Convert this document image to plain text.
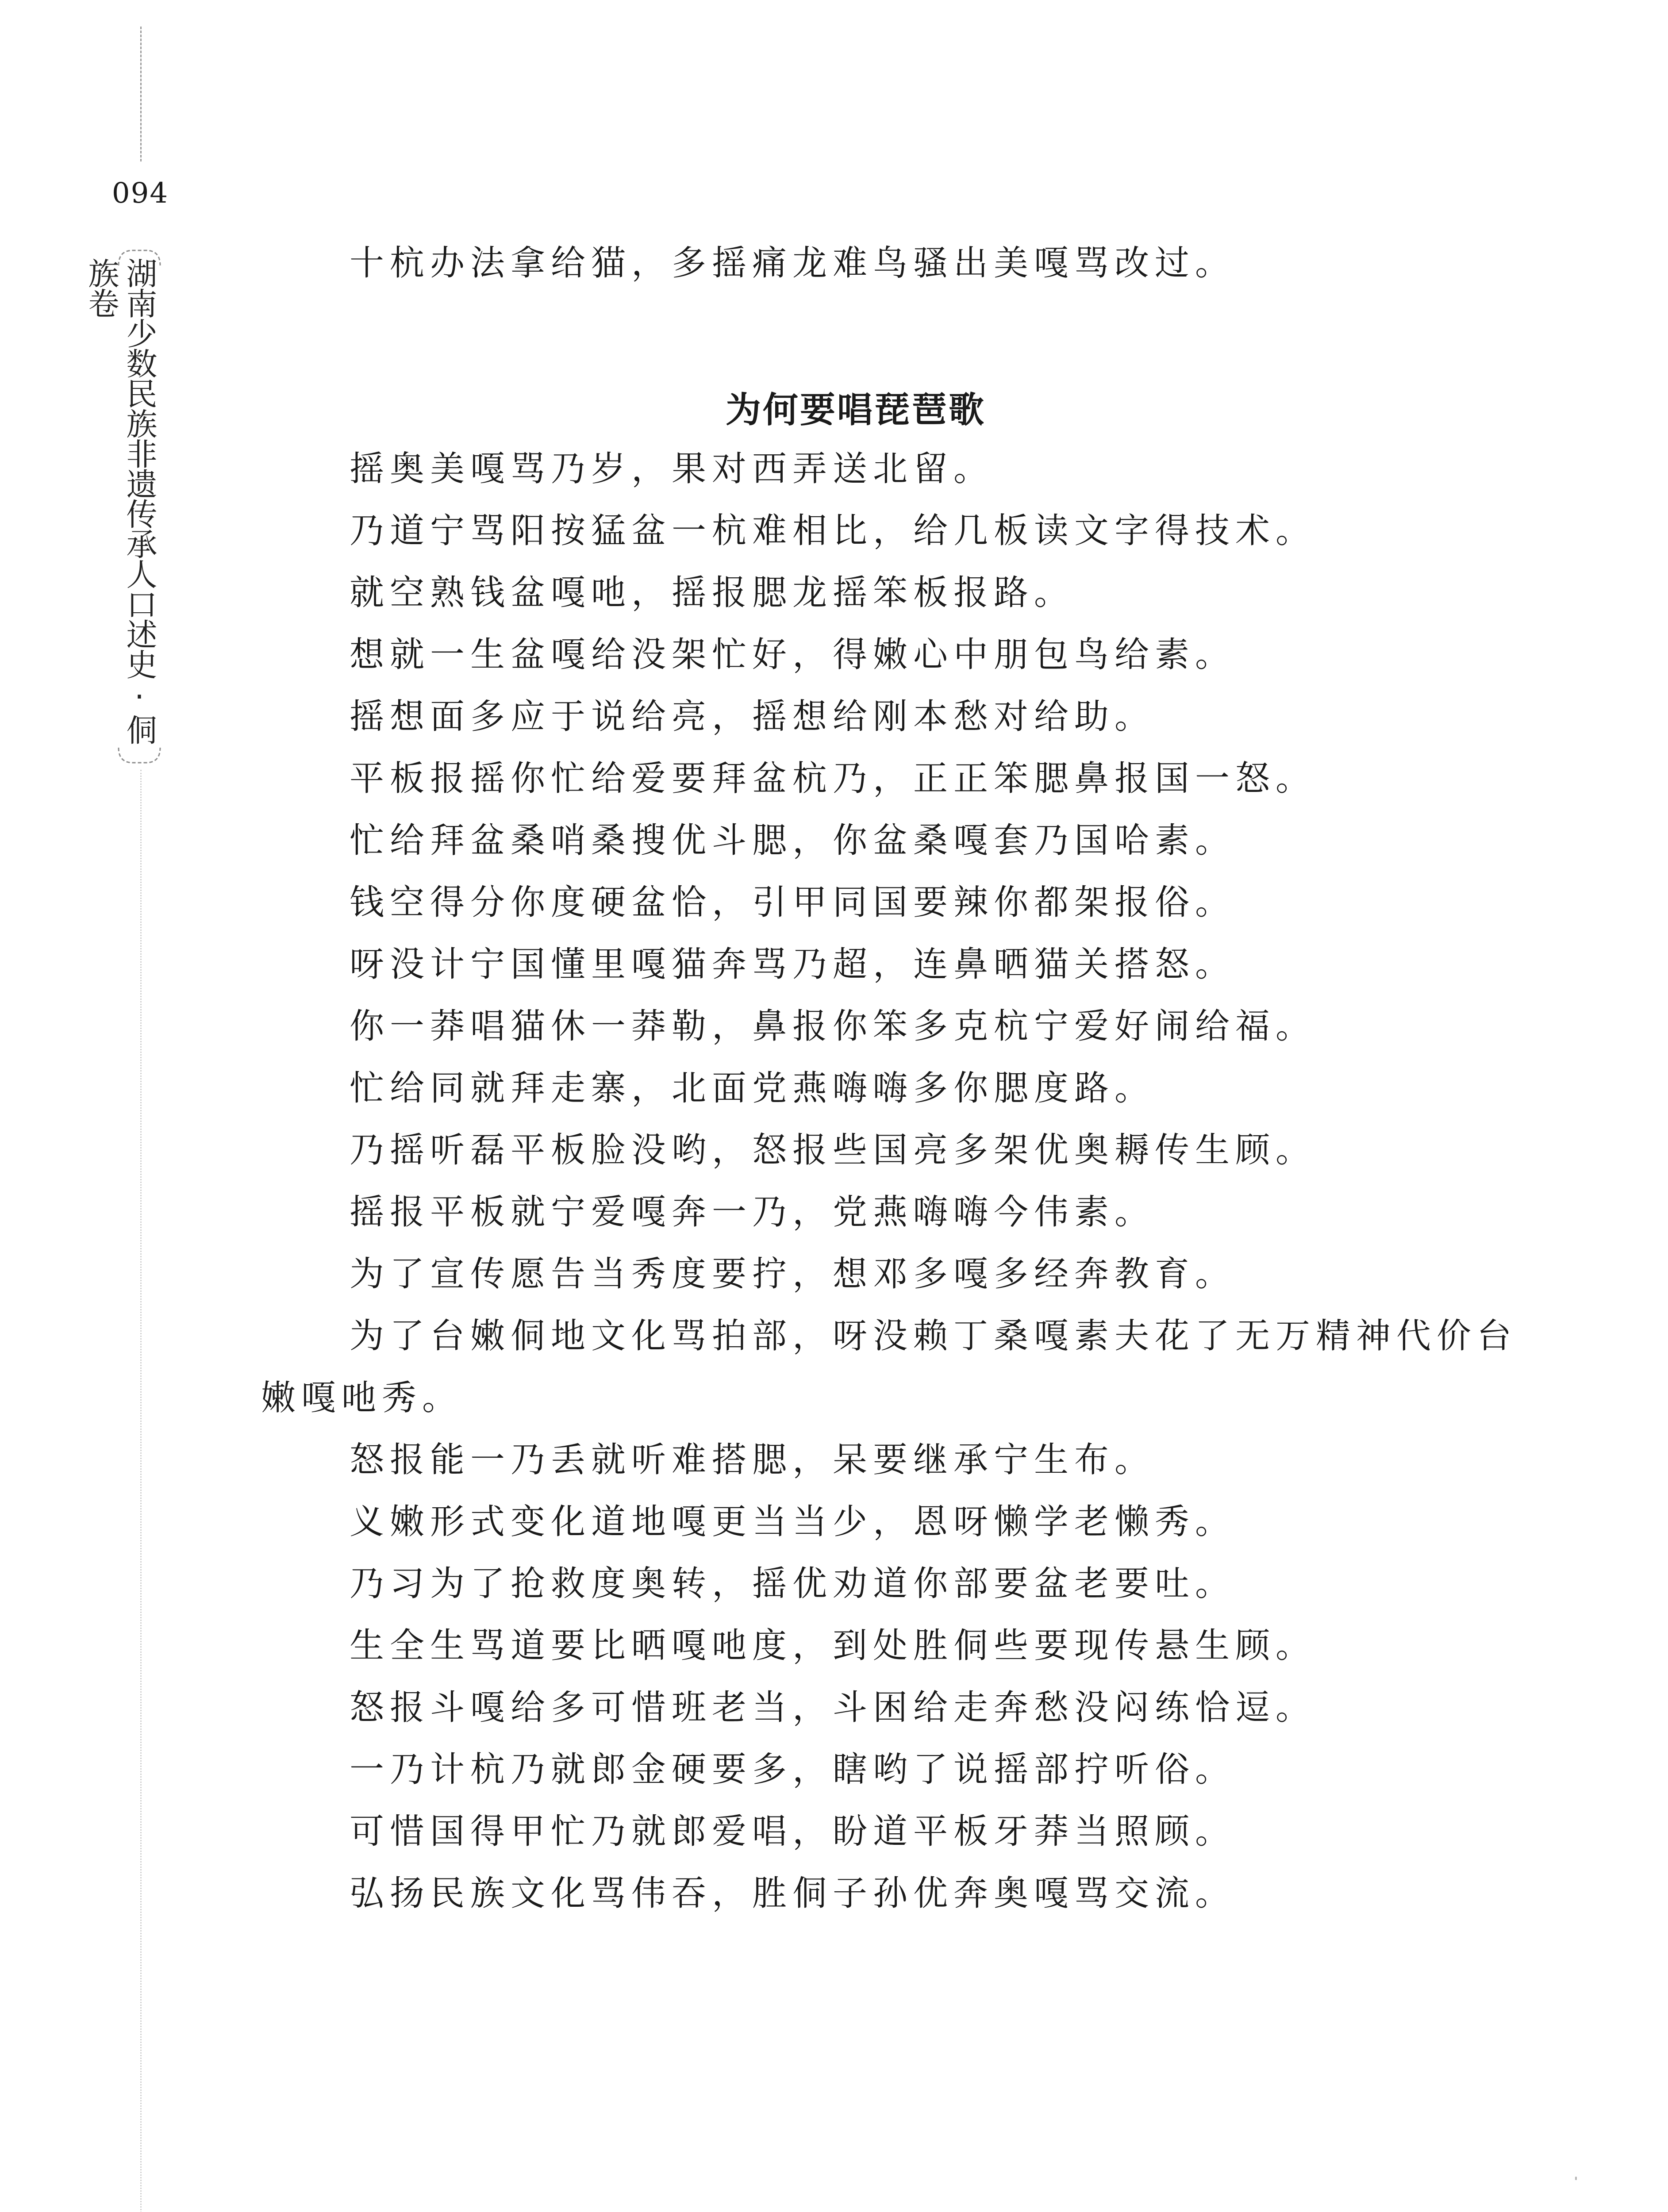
094
湖南少数民族非遗传承人口述史·侗族卷	十杭办法拿给猫，多摇痛龙难鸟骚出美嘎骂改过。
为何要唱琵琶歌
摇奥美嘎骂乃岁，果对西弄送北留。
乃道宁骂阳按猛盆一杭难相比，给几板读文字得技术。
就空熟钱盆嘎吔，摇报腮龙摇笨板报路。
想就一生盆嘎给没架忙好，得嫩心中朋包鸟给素。
摇想面多应于说给亮，摇想给刚本愁对给助。
平板报摇你忙给爱要拜盆杭乃，正正笨腮鼻报国一怒。
忙给拜盆桑哨桑搜优斗腮，你盆桑嘎套乃国哈素。
钱空得分你度硬盆恰，引甲同国要辣你都架报俗。
呀没计宁国懂里嘎猫奔骂乃超，连鼻晒猫关搭怒。
你一莽唱猫休一莽勒，鼻报你笨多克杭宁爱好闹给福。
忙给同就拜走寨，北面党燕嗨嗨多你腮度路。
乃摇听磊平板脸没哟，怒报些国亮多架优奥耨传生顾。
摇报平板就宁爱嘎奔一乃，党燕嗨嗨今伟素。
为了宣传愿告当秀度要拧，想邓多嘎多经奔教育。
为了台嫩侗地文化骂拍部，呀没赖丁桑嘎素夫花了无万精神代价台
嫩嘎吔秀。
怒报能一乃丢就听难搭腮，呆要继承宁生布。
义嫩形式变化道地嘎更当当少，恩呀懒学老懒秀。
乃习为了抢救度奥转，摇优劝道你部要盆老要吐。
生全生骂道要比晒嘎吔度，到处胜侗些要现传悬生顾。
怒报斗嘎给多可惜班老当，斗困给走奔愁没闷练恰逗。
一乃计杭乃就郎金硬要多，瞎哟了说摇部拧听俗。
可惜国得甲忙乃就郎爱唱，盼道平板牙莽当照顾。
弘扬民族文化骂伟吞，胜侗子孙优奔奥嘎骂交流。
